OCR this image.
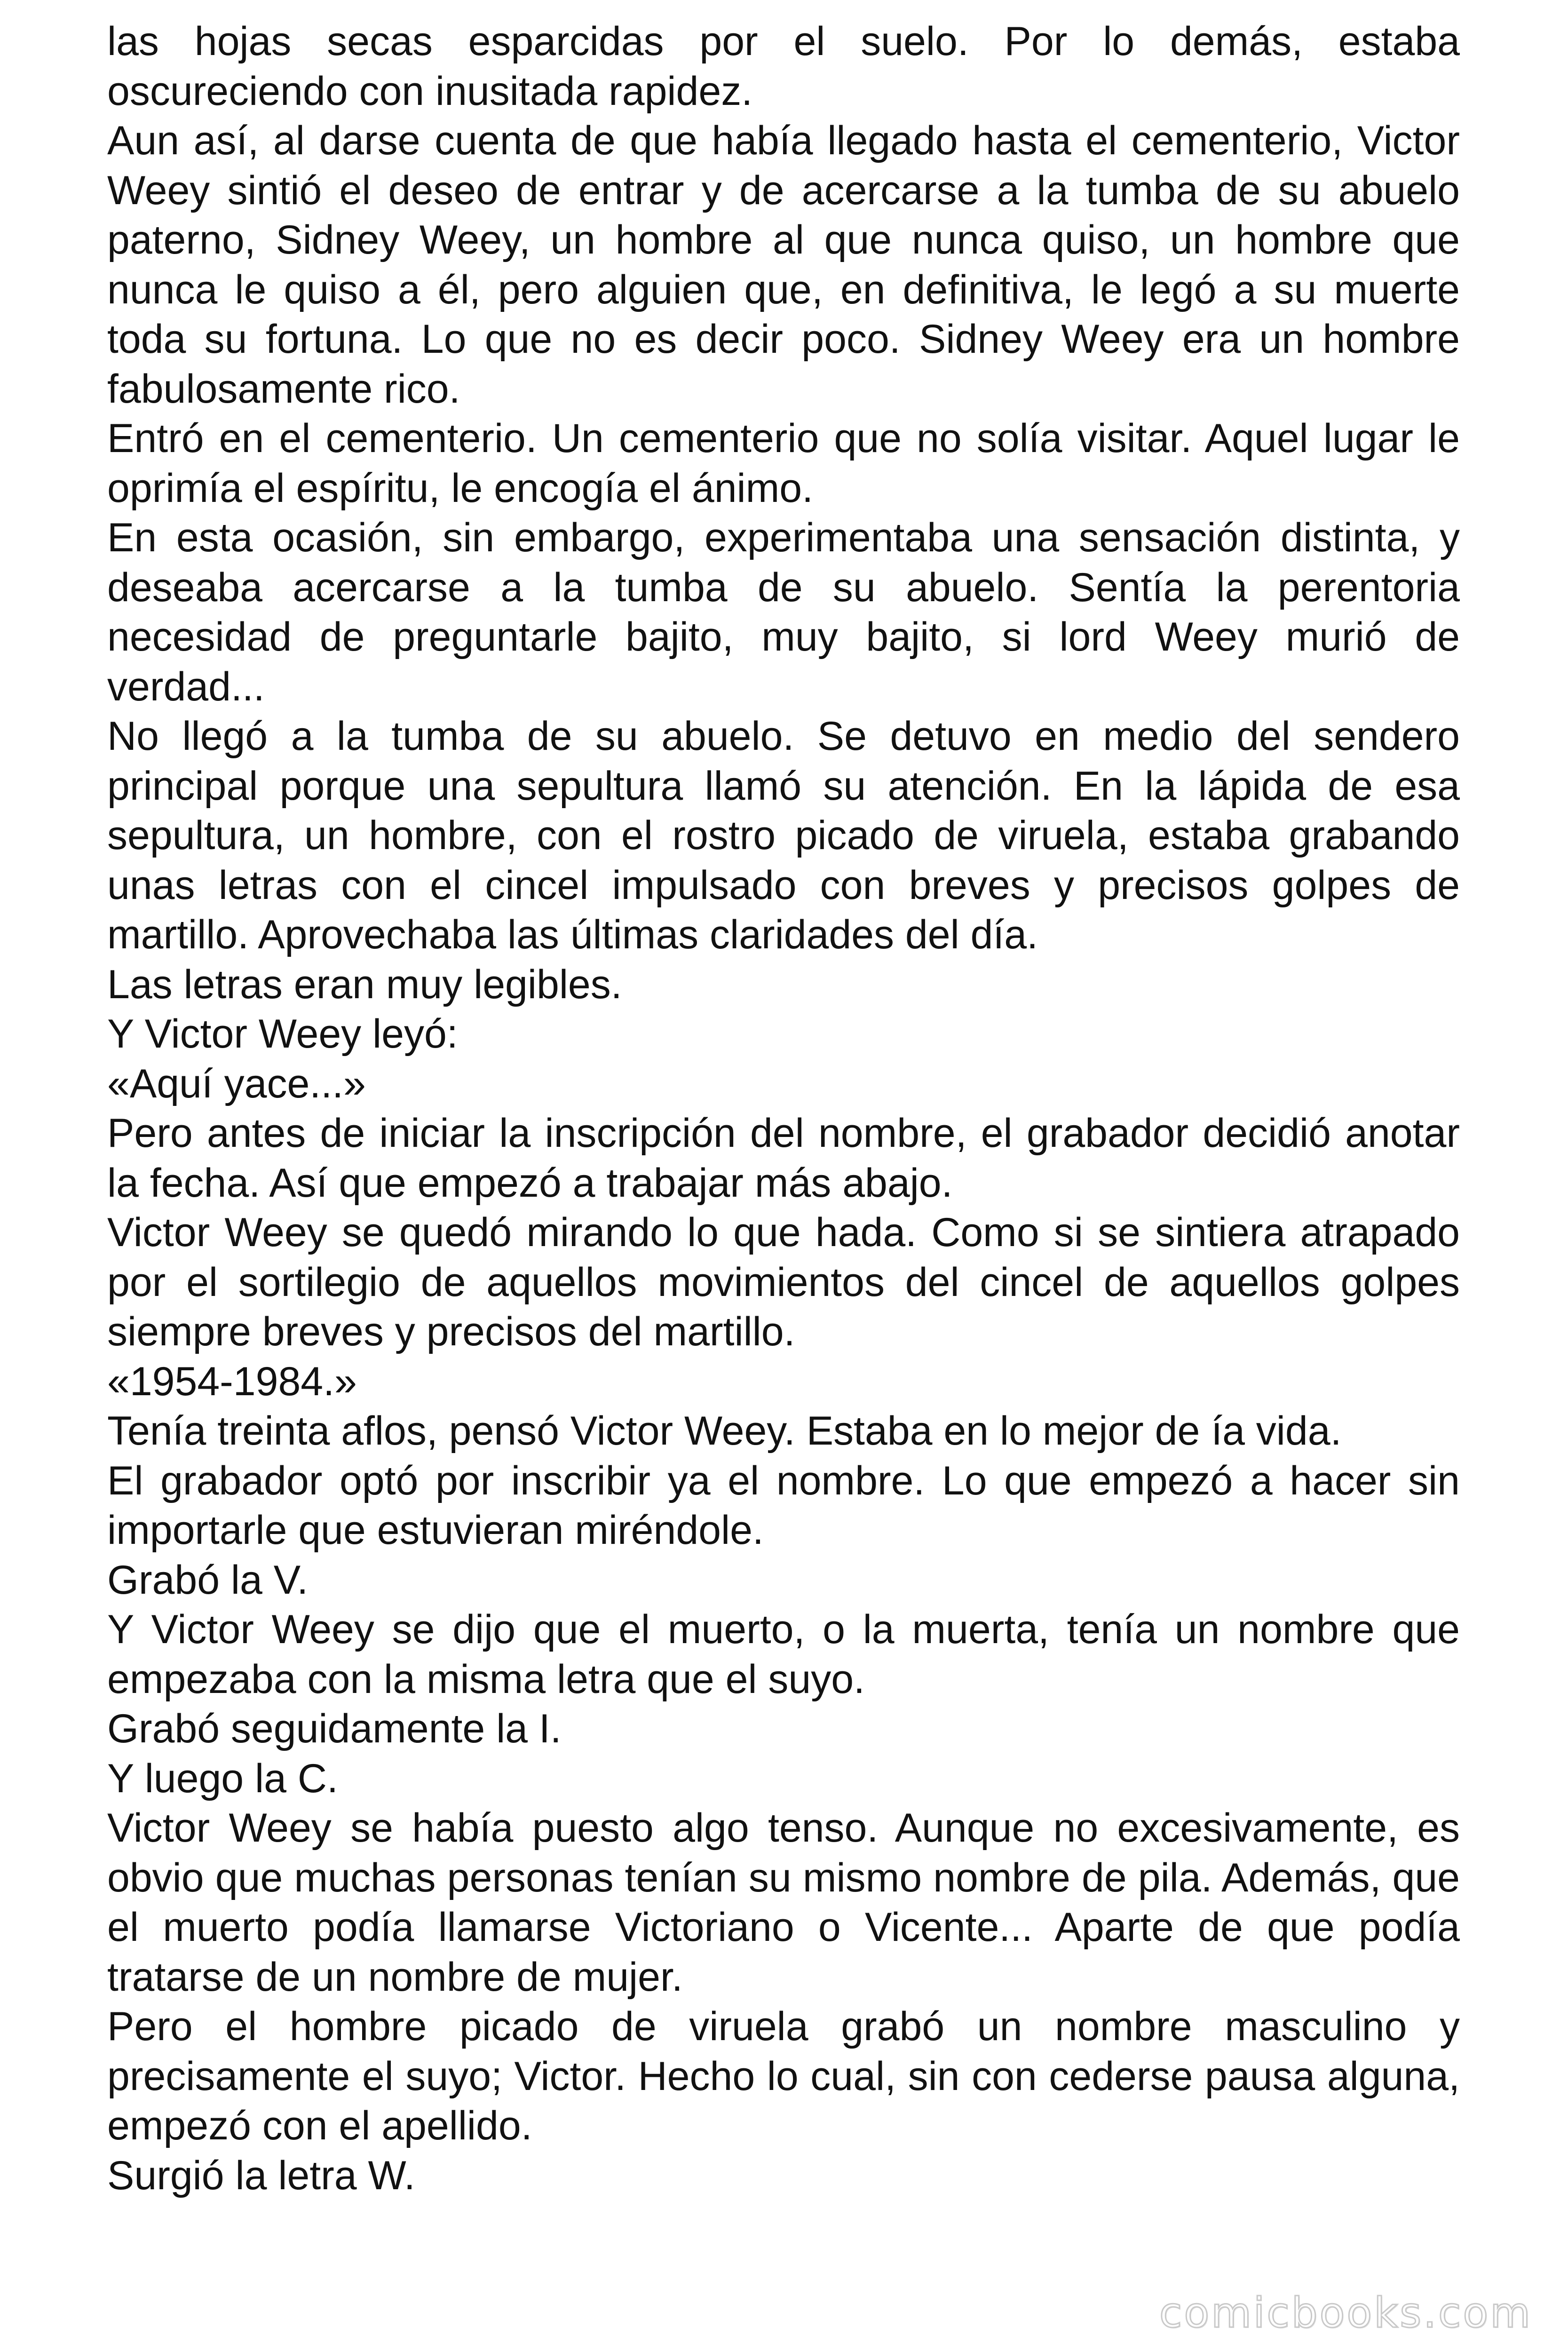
las hojas secas esparcidas por el suelo. Por lo demás, estaba oscureciendo con inusitada rapidez.

Aun así, al darse cuenta de que había llegado hasta el cementerio, Victor Weey sintió el deseo de entrar y de acercarse a la tumba de su abuelo paterno, Sidney Weey, un hombre al que nunca quiso, un hombre que nunca le quiso a él, pero alguien que, en definitiva, le legó a su muerte toda su fortuna. Lo que no es decir poco. Sidney Weey era un hombre fabulosamente rico.

Entró en el cementerio. Un cementerio que no solía visitar. Aquel lugar le oprimía el espíritu, le encogía el ánimo.

En esta ocasión, sin embargo, experimentaba una sensación distinta, y deseaba acercarse a la tumba de su abuelo. Sentía la perentoria necesidad de preguntarle bajito, muy bajito, si lord Weey murió de verdad...

No llegó a la tumba de su abuelo. Se detuvo en medio del sendero principal porque una sepultura llamó su atención. En la lápida de esa sepultura, un hombre, con el rostro picado de viruela, estaba grabando unas letras con el cincel impulsado con breves y precisos golpes de martillo. Aprovechaba las últimas claridades del día.

Las letras eran muy legibles.

Y Victor Weey leyó:

«Aquí yace...»

Pero antes de iniciar la inscripción del nombre, el grabador decidió anotar la fecha. Así que empezó a trabajar más abajo.

Victor Weey se quedó mirando lo que hada. Como si se sintiera atrapado por el sortilegio de aquellos movimientos del cincel de aquellos golpes siempre breves y precisos del martillo.

«1954-1984.»

Tenía treinta aflos, pensó Victor Weey. Estaba en lo mejor de ía vida.

El grabador optó por inscribir ya el nombre. Lo que empezó a hacer sin importarle que estuvieran miréndole.

Grabó la V.

Y Victor Weey se dijo que el muerto, o la muerta, tenía un nombre que empezaba con la misma letra que el suyo.

Grabó seguidamente la I.

Y luego la C.

Victor Weey se había puesto algo tenso. Aunque no excesivamente, es obvio que muchas personas tenían su mismo nombre de pila. Además, que el muerto podía llamarse Victoriano o Vicente... Aparte de que podía tratarse de un nombre de mujer.

Pero el hombre picado de viruela grabó un nombre masculino y precisamente el suyo; Victor. Hecho lo cual, sin con cederse pausa alguna, empezó con el apellido.

Surgió la letra W.

comicbooks.com
